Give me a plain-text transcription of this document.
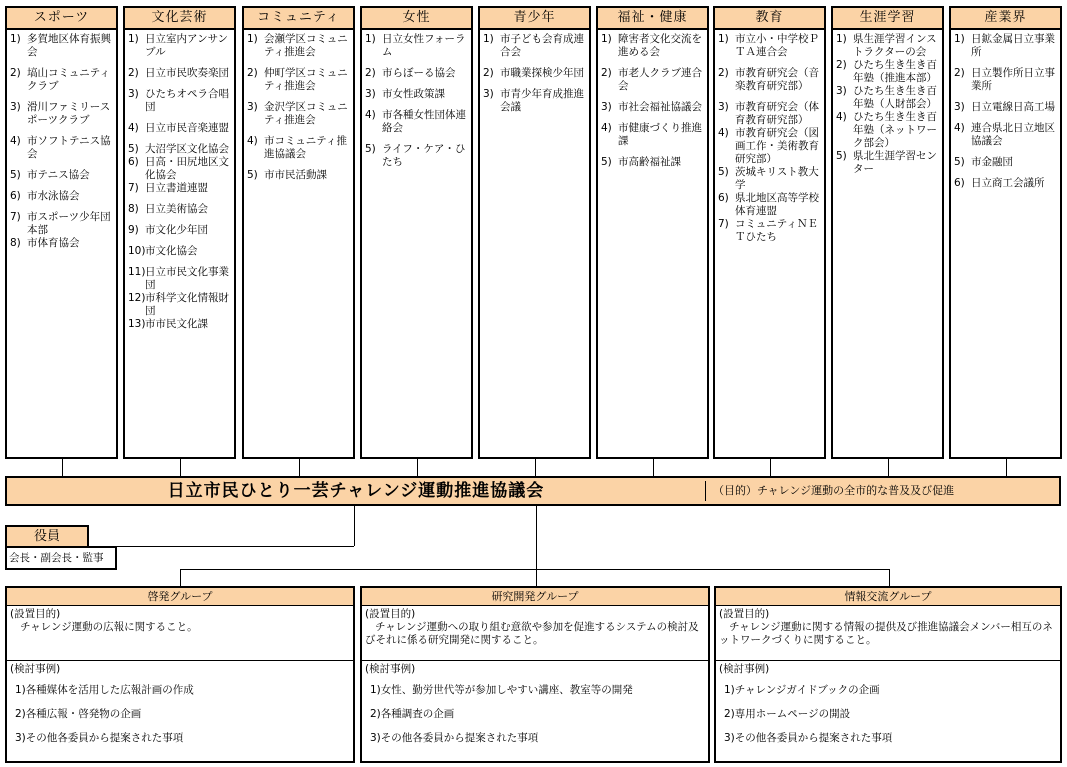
スポーツ
1) 多賀地区体育振興会
2) 塙山コミュニティクラブ
3) 滑川ファミリースポーツクラブ
4) 市ソフトテニス協会
5) 市テニス協会
6) 市水泳協会
7) 市スポーツ少年団本部
8) 市体育協会
文化芸術
1) 日立室内アンサンブル
2) 日立市民吹奏楽団
3) ひたちオペラ合唱団
4) 日立市民音楽連盟
5) 大沼学区文化協会
6) 日高・田尻地区文化協会
7) 日立書道連盟
8) 日立美術協会
9) 市文化少年団
10) 市文化協会
11) 日立市民文化事業団
12) 市科学文化情報財団
13) 市市民文化課
コミュニティ
1) 会瀬学区コミュニティ推進会
2) 仲町学区コミュニティ推進会
3) 金沢学区コミュニティ推進会
4) 市コミュニティ推進協議会
5) 市市民活動課
女性
1) 日立女性フォーラム
2) 市らぼーる協会
3) 市女性政策課
4) 市各種女性団体連絡会
5) ライフ・ケア・ひたち
青少年
1) 市子ども会育成連合会
2) 市職業探検少年団
3) 市青少年育成推進会議
福祉・健康
1) 障害者文化交流を進める会
2) 市老人クラブ連合会
3) 市社会福祉協議会
4) 市健康づくり推進課
5) 市高齢福祉課
教育
1) 市立小・中学校ＰＴＡ連合会
2) 市教育研究会（音楽教育研究部）
3) 市教育研究会（体育教育研究部）
4) 市教育研究会（図画工作・美術教育研究部）
5) 茨城キリスト教大学
6) 県北地区高等学校体育連盟
7) コミュニティＮＥＴひたち
生涯学習
1) 県生涯学習インストラクターの会
2) ひたち生き生き百年塾（推進本部）
3) ひたち生き生き百年塾（人財部会）
4) ひたち生き生き百年塾（ネットワーク部会）
5) 県北生涯学習センター
産業界
1) 日鉱金属日立事業所
2) 日立製作所日立事業所
3) 日立電線日高工場
4) 連合県北日立地区協議会
5) 市金融団
6) 日立商工会議所
日立市民ひとり一芸チャレンジ運動推進協議会	（目的）チャレンジ運動の全市的な普及及び促進
役員
会長・副会長・監事
啓発グループ
(設置目的)
チャレンジ運動の広報に関すること。
(検討事例)
1)各種媒体を活用した広報計画の作成
2)各種広報・啓発物の企画
3)その他各委員から提案された事項
研究開発グループ
(設置目的)
チャレンジ運動への取り組む意欲や参加を促進するシステムの検討及びそれに係る研究開発に関すること。
(検討事例)
1)女性、勤労世代等が参加しやすい講座、教室等の開発
2)各種調査の企画
3)その他各委員から提案された事項
情報交流グループ
(設置目的)
チャレンジ運動に関する情報の提供及び推進協議会メンバー相互のネットワークづくりに関すること。
(検討事例)
1)チャレンジガイドブックの企画
2)専用ホームページの開設
3)その他各委員から提案された事項
